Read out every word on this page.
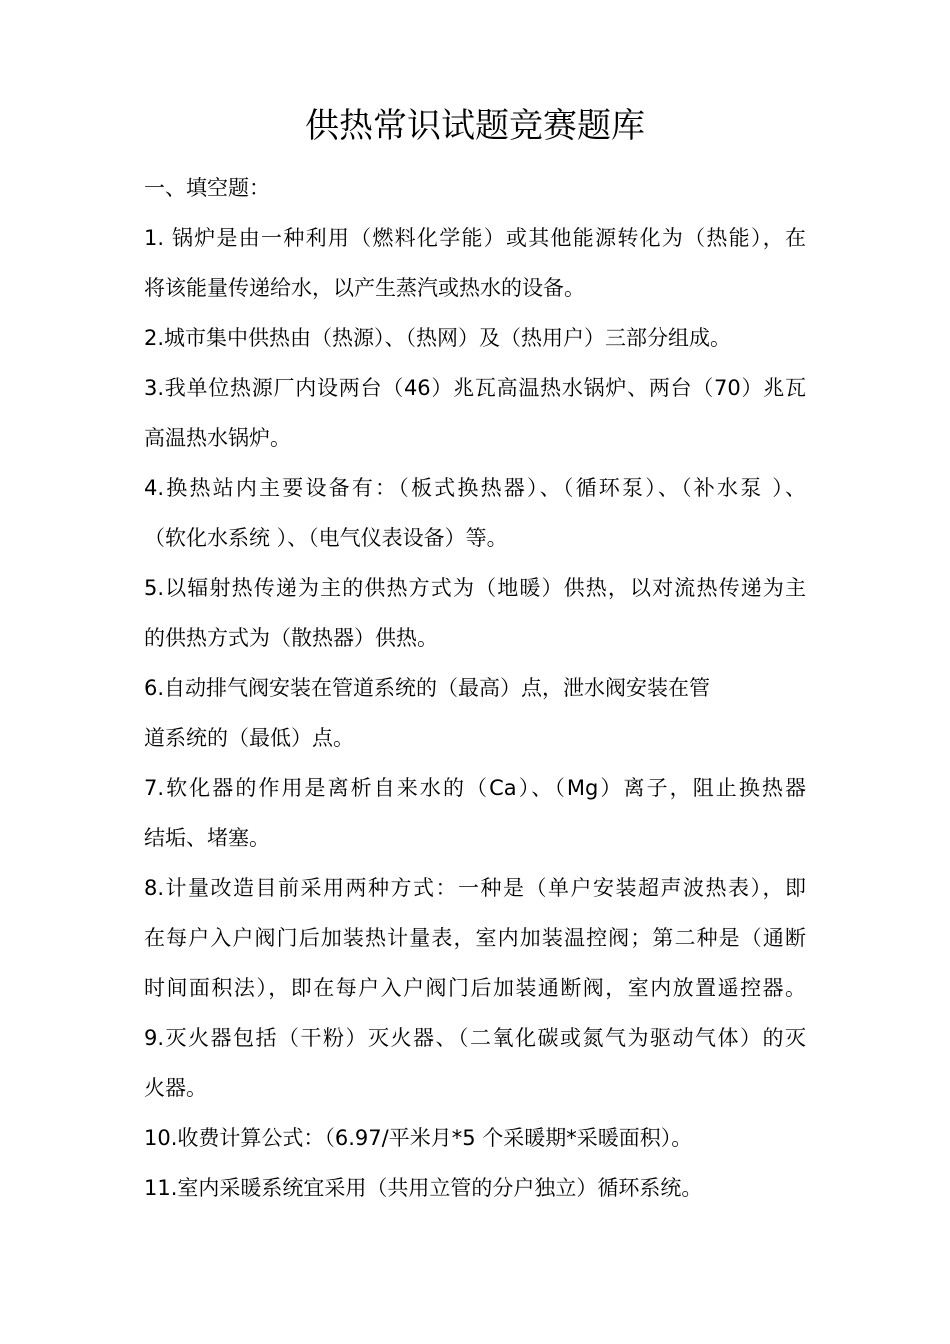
供热常识试题竞赛题库
一、填空题：
1. 锅炉是由一种利用（燃料化学能）或其他能源转化为（热能），在
将该能量传递给水，以产生蒸汽或热水的设备。
2.城市集中供热由（热源）、（热网）及（热用户）三部分组成。
3.我单位热源厂内设两台（46）兆瓦高温热水锅炉、两台（70）兆瓦
高温热水锅炉。
4.换热站内主要设备有：（板式换热器）、（循环泵）、（补水泵 ）、
（软化水系统 ）、（电气仪表设备）等。
5.以辐射热传递为主的供热方式为（地暖）供热，以对流热传递为主
的供热方式为（散热器）供热。
6.自动排气阀安装在管道系统的（最高）点，泄水阀安装在管
道系统的（最低）点。
7.软化器的作用是离析自来水的（Ca）、（Mg）离子，阻止换热器
结垢、堵塞。
8.计量改造目前采用两种方式：一种是（单户安装超声波热表），即
在每户入户阀门后加装热计量表，室内加装温控阀；第二种是（通断
时间面积法），即在每户入户阀门后加装通断阀，室内放置遥控器。
9.灭火器包括（干粉）灭火器、（二氧化碳或氮气为驱动气体）的灭
火器。
10.收费计算公式：（6.97/平米月*5 个采暖期*采暖面积）。
11.室内采暖系统宜采用（共用立管的分户独立）循环系统。
